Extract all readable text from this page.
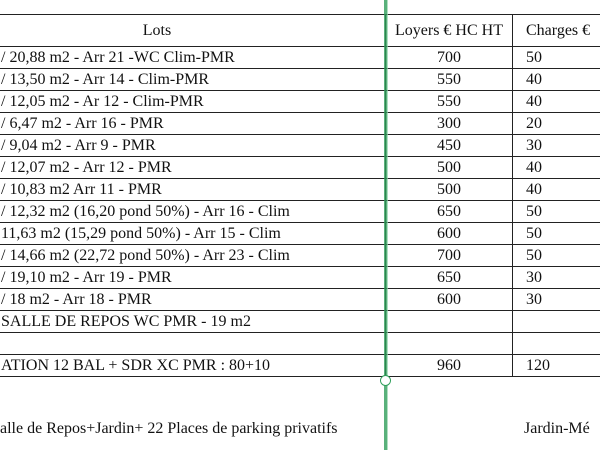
Lots	Loyers € HC HT	Charges €
/ 20,88 m2 - Arr 21 -WC Clim-PMR	700	50
/ 13,50 m2 - Arr 14 - Clim-PMR	550	40
/ 12,05 m2 - Ar 12 - Clim-PMR	550	40
/ 6,47 m2 - Arr 16 - PMR	300	20
/ 9,04 m2 - Arr 9 - PMR	450	30
/ 12,07 m2 - Arr 12 - PMR	500	40
/ 10,83 m2 Arr 11 - PMR	500	40
/ 12,32 m2 (16,20 pond 50%) - Arr 16 - Clim	650	50
11,63 m2 (15,29 pond 50%) - Arr 15 - Clim	600	50
/ 14,66 m2 (22,72 pond 50%) - Arr 23 - Clim	700	50
/ 19,10 m2 - Arr 19 - PMR	650	30
/ 18 m2 - Arr 18 - PMR	600	30
SALLE DE REPOS WC PMR - 19 m2		

ATION 12 BAL + SDR XC PMR : 80+10	960	120
alle de Repos+Jardin+ 22 Places de parking privatifs	Jardin-Mé
